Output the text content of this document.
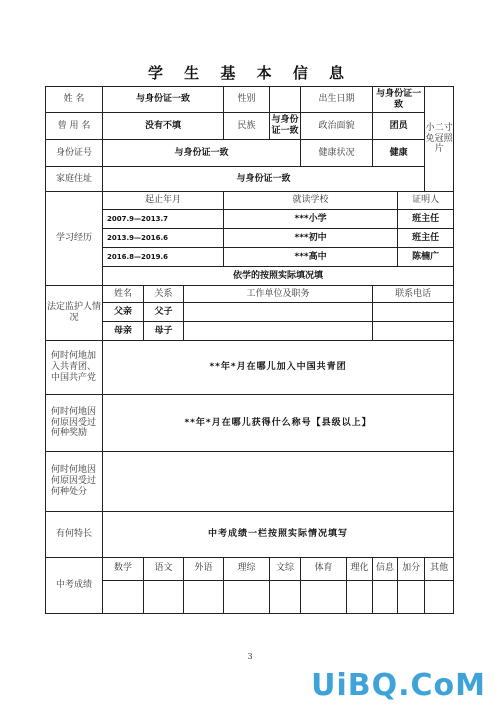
学 生 基 本 信 息
姓 名	与身份证一致			性别		出生日期		与身份证一致		小二寸
免冠照片	
曾 用 名	没有不填			民族	与身份证一致	政治面貌		团员			
身份证号	与身份证一致					健康状况		健康			
家庭住址	与身份证一致										
学习经历	起止年月			就读学校					证明人		
	2007.9—2013.7			***小学					班主任		
	2013.9—2016.6			***初中					班主任		
	2016.8—2019.6			***高中					陈楠广		
	依学的按照实际填况填										
法定监护人情况	姓名	关系	工作单位及职务					联系电话			
	父亲	父子									
	母亲	母子									
何时何地加入共青团、中国共产党	**年*月在哪儿加入中国共青团										
何时何地因何原因受过何种奖励	**年*月在哪儿获得什么称号【县级以上】										
何时何地因何原因受过何种处分											
有何特长	中考成绩一栏按照实际情况填写										
中考成绩	数学	语文	外语	理综	文综	体育	理化	信息	加分	其他	

3
UiBQ.CoM
